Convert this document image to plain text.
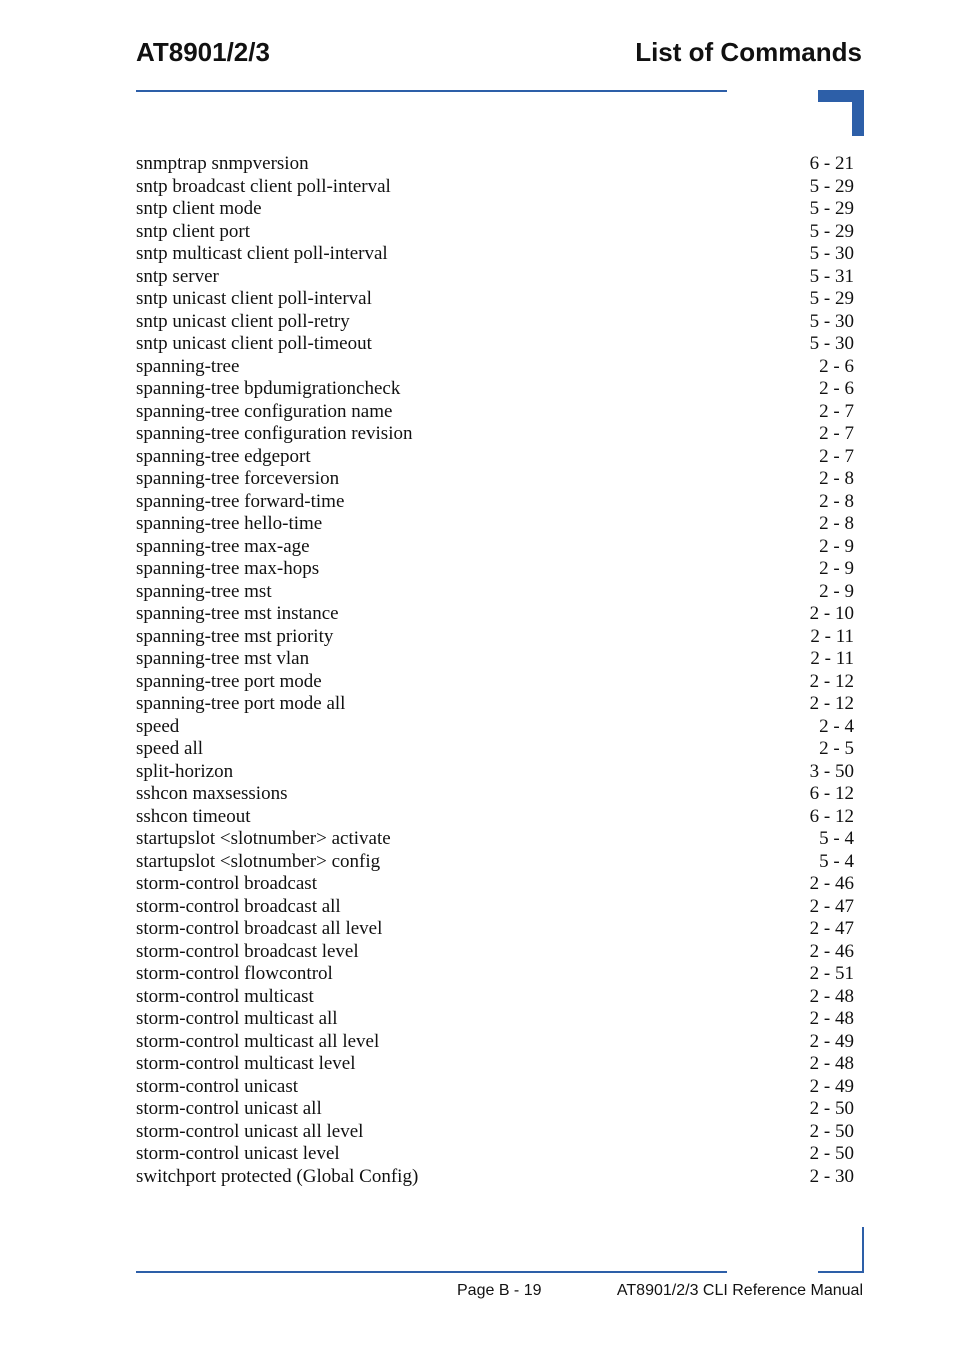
AT8901/2/3	List of Commands
snmptrap snmpversion	6 - 21
sntp broadcast client poll-interval	5 - 29
sntp client mode	5 - 29
sntp client port	5 - 29
sntp multicast client poll-interval	5 - 30
sntp server	5 - 31
sntp unicast client poll-interval	5 - 29
sntp unicast client poll-retry	5 - 30
sntp unicast client poll-timeout	5 - 30
spanning-tree	2 - 6
spanning-tree bpdumigrationcheck	2 - 6
spanning-tree configuration name	2 - 7
spanning-tree configuration revision	2 - 7
spanning-tree edgeport	2 - 7
spanning-tree forceversion	2 - 8
spanning-tree forward-time	2 - 8
spanning-tree hello-time	2 - 8
spanning-tree max-age	2 - 9
spanning-tree max-hops	2 - 9
spanning-tree mst	2 - 9
spanning-tree mst instance	2 - 10
spanning-tree mst priority	2 - 11
spanning-tree mst vlan	2 - 11
spanning-tree port mode	2 - 12
spanning-tree port mode all	2 - 12
speed	2 - 4
speed all	2 - 5
split-horizon	3 - 50
sshcon maxsessions	6 - 12
sshcon timeout	6 - 12
startupslot <slotnumber> activate	5 - 4
startupslot <slotnumber> config	5 - 4
storm-control broadcast	2 - 46
storm-control broadcast all	2 - 47
storm-control broadcast all level	2 - 47
storm-control broadcast level	2 - 46
storm-control flowcontrol	2 - 51
storm-control multicast	2 - 48
storm-control multicast all	2 - 48
storm-control multicast all level	2 - 49
storm-control multicast level	2 - 48
storm-control unicast	2 - 49
storm-control unicast all	2 - 50
storm-control unicast all level	2 - 50
storm-control unicast level	2 - 50
switchport protected (Global Config)	2 - 30
Page B - 19	AT8901/2/3 CLI Reference Manual
